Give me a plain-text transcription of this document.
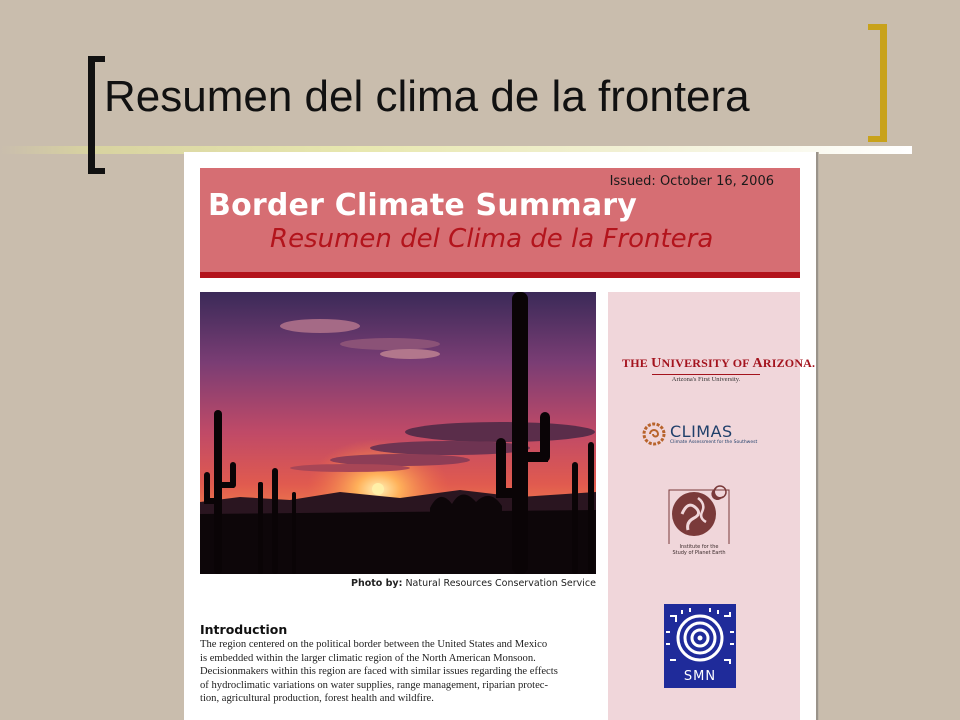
Resumen del clima de la frontera
Issued: October 16, 2006
Border Climate Summary
Resumen del Clima de la Frontera
Photo by: Natural Resources Conservation Service
Introduction
The region centered on the political border between the United States and Mexico
is embedded within the larger climatic region of the North American Monsoon.
Decisionmakers within this region are faced with similar issues regarding the effects
of hydroclimatic variations on water supplies, range management, riparian protec-
tion, agricultural production, forest health and wildfire.
THE UNIVERSITY OF ARIZONA.
Arizona's First University.
CLIMAS
Climate Assessment for the Southwest
Institute for the
Study of Planet Earth
SMN
